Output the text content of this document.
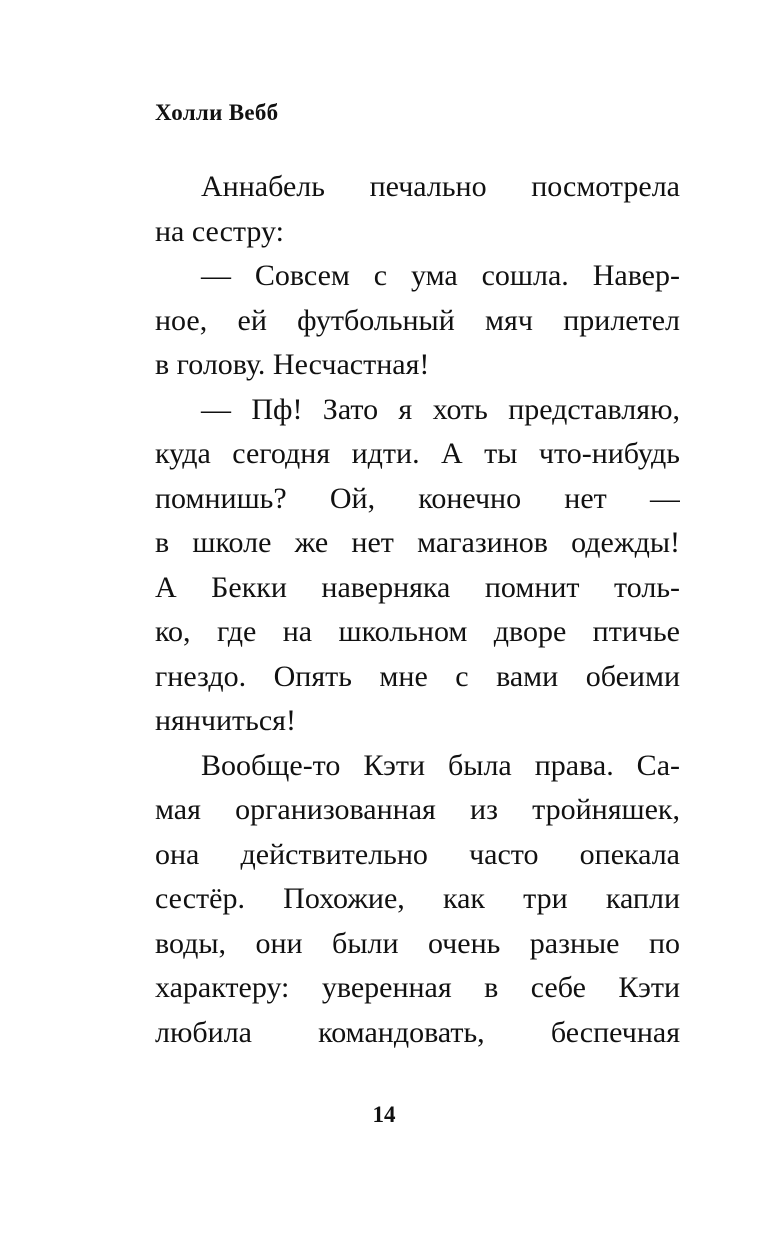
Холли Вебб
Аннабель печально посмотрела
на сестру:
— Совсем с ума сошла. Навер-
ное, ей футбольный мяч прилетел
в голову. Несчастная!
— Пф! Зато я хоть представляю,
куда сегодня идти. А ты что-нибудь
помнишь? Ой, конечно нет —
в школе же нет магазинов одежды!
А Бекки наверняка помнит толь-
ко, где на школьном дворе птичье
гнездо. Опять мне с вами обеими
нянчиться!
Вообще-то Кэти была права. Са-
мая организованная из тройняшек,
она действительно часто опекала
сестёр. Похожие, как три капли
воды, они были очень разные по
характеру: уверенная в себе Кэти
любила командовать, беспечная
14
